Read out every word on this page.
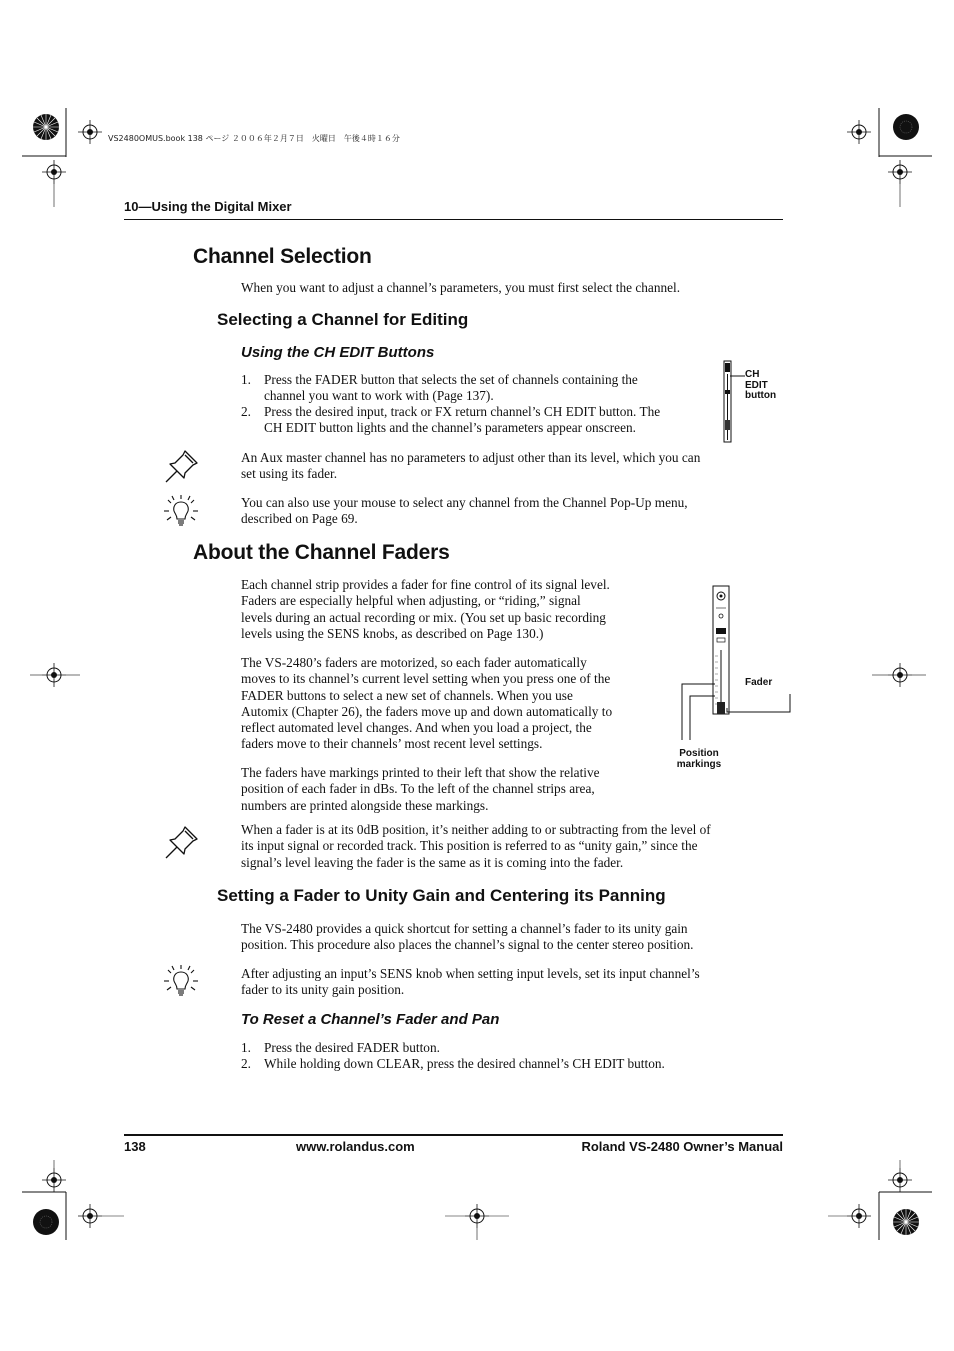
VS2480OMUS.book 138 ページ ２００６年２月７日　火曜日　午後４時１６分
10—Using the Digital Mixer
Channel Selection
When you want to adjust a channel’s parameters, you must first select the channel.
Selecting a Channel for Editing
Using the CH EDIT Buttons
1. Press the FADER button that selects the set of channels containing the
channel you want to work with (Page 137).
2. Press the desired input, track or FX return channel’s CH EDIT button. The
CH EDIT button lights and the channel’s parameters appear onscreen.
CH
EDIT
button
An Aux master channel has no parameters to adjust other than its level, which you can
set using its fader.
You can also use your mouse to select any channel from the Channel Pop-Up menu,
described on Page 69.
About the Channel Faders
Each channel strip provides a fader for fine control of its signal level.
Faders are especially helpful when adjusting, or “riding,” signal
levels during an actual recording or mix. (You set up basic recording
levels using the SENS knobs, as described on Page 130.)
The VS-2480’s faders are motorized, so each fader automatically
moves to its channel’s current level setting when you press one of the
FADER buttons to select a new set of channels. When you use
Automix (Chapter 26), the faders move up and down automatically to
reflect automated level changes. And when you load a project, the
faders move to their channels’ most recent level settings.
The faders have markings printed to their left that show the relative
position of each fader in dBs. To the left of the channel strips area,
numbers are printed alongside these markings.
Fader
Position
markings
When a fader is at its 0dB position, it’s neither adding to or subtracting from the level of
its input signal or recorded track. This position is referred to as “unity gain,” since the
signal’s level leaving the fader is the same as it is coming into the fader.
Setting a Fader to Unity Gain and Centering its Panning
The VS-2480 provides a quick shortcut for setting a channel’s fader to its unity gain
position. This procedure also places the channel’s signal to the center stereo position.
After adjusting an input’s SENS knob when setting input levels, set its input channel’s
fader to its unity gain position.
To Reset a Channel’s Fader and Pan
1. Press the desired FADER button.
2. While holding down CLEAR, press the desired channel’s CH EDIT button.
138	www.rolandus.com	Roland VS-2480 Owner’s Manual
